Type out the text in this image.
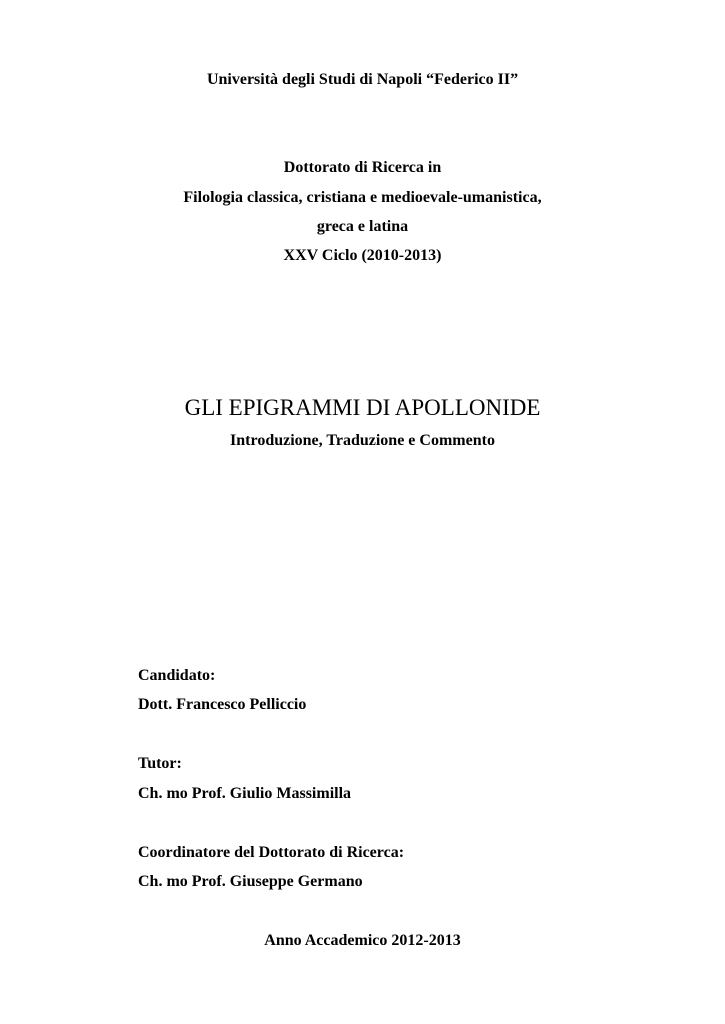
Università degli Studi di Napoli “Federico II”
Dottorato di Ricerca in
Filologia classica, cristiana e medioevale-umanistica,
greca e latina
XXV Ciclo (2010-2013)
GLI EPIGRAMMI DI APOLLONIDE
Introduzione, Traduzione e Commento
Candidato:
Dott. Francesco Pelliccio
Tutor:
Ch. mo Prof. Giulio Massimilla
Coordinatore del Dottorato di Ricerca:
Ch. mo Prof. Giuseppe Germano
Anno Accademico 2012-2013
